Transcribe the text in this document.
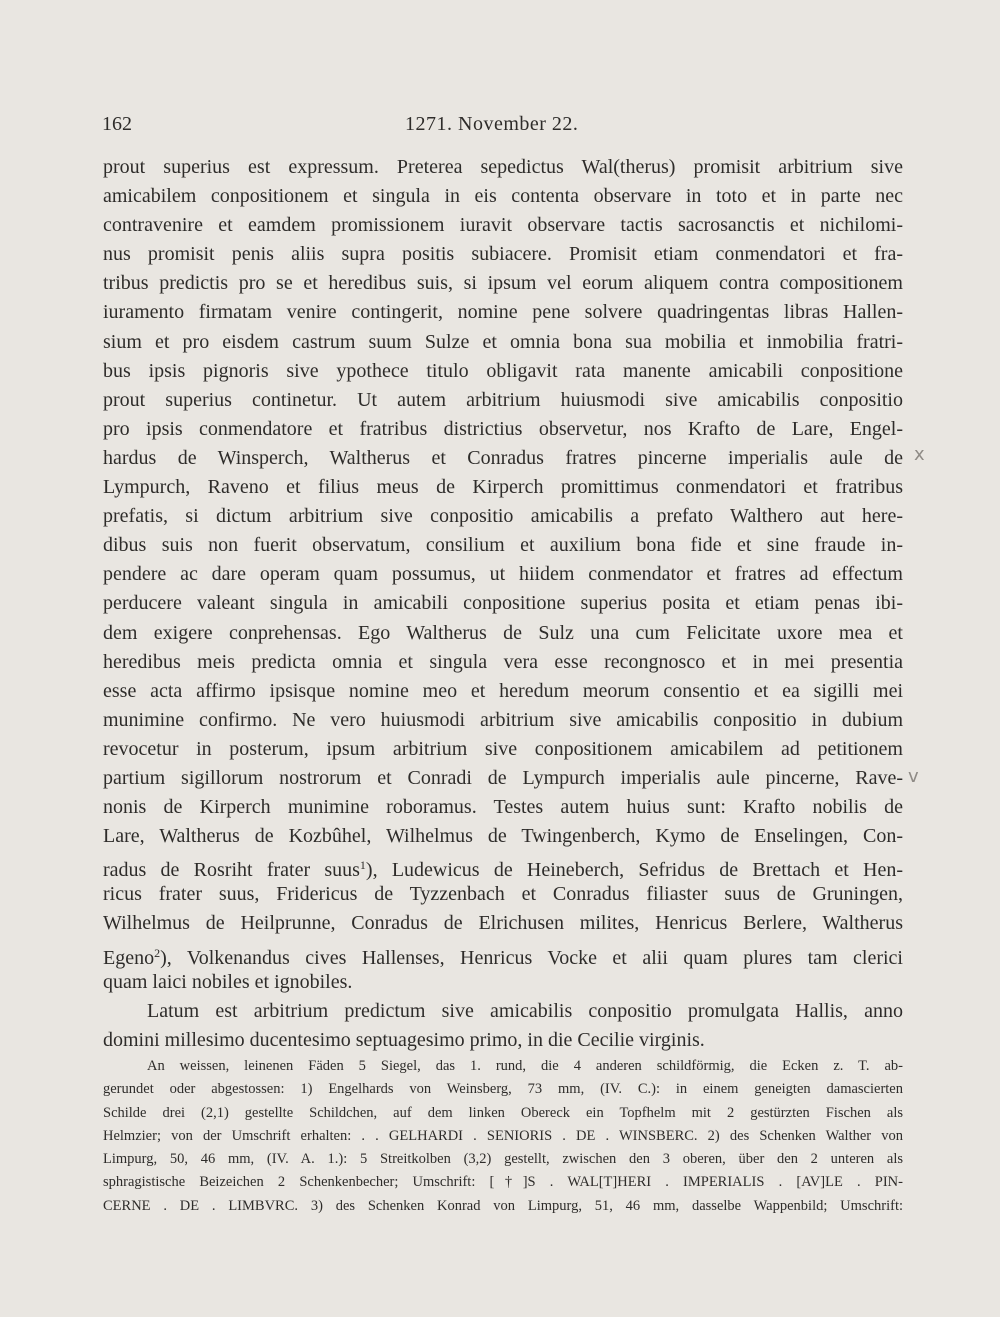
162	1271. November 22.
prout superius est expressum. Preterea sepedictus Wal(therus) promisit arbitrium sive
amicabilem conpositionem et singula in eis contenta observare in toto et in parte nec
contravenire et eamdem promissionem iuravit observare tactis sacrosanctis et nichilomi-
nus promisit penis aliis supra positis subiacere. Promisit etiam conmendatori et fra-
tribus predictis pro se et heredibus suis, si ipsum vel eorum aliquem contra compositionem
iuramento firmatam venire contingerit, nomine pene solvere quadringentas libras Hallen-
sium et pro eisdem castrum suum Sulze et omnia bona sua mobilia et inmobilia fratri-
bus ipsis pignoris sive ypothece titulo obligavit rata manente amicabili conpositione
prout superius continetur. Ut autem arbitrium huiusmodi sive amicabilis conpositio
pro ipsis conmendatore et fratribus districtius observetur, nos Krafto de Lare, Engel-
hardus de Winsperch, Waltherus et Conradus fratres pincerne imperialis aule de
Lympurch, Raveno et filius meus de Kirperch promittimus conmendatori et fratribus
prefatis, si dictum arbitrium sive conpositio amicabilis a prefato Walthero aut here-
dibus suis non fuerit observatum, consilium et auxilium bona fide et sine fraude in-
pendere ac dare operam quam possumus, ut hiidem conmendator et fratres ad effectum
perducere valeant singula in amicabili conpositione superius posita et etiam penas ibi-
dem exigere conprehensas. Ego Waltherus de Sulz una cum Felicitate uxore mea et
heredibus meis predicta omnia et singula vera esse recongnosco et in mei presentia
esse acta affirmo ipsisque nomine meo et heredum meorum consentio et ea sigilli mei
munimine confirmo. Ne vero huiusmodi arbitrium sive amicabilis conpositio in dubium
revocetur in posterum, ipsum arbitrium sive conpositionem amicabilem ad petitionem
partium sigillorum nostrorum et Conradi de Lympurch imperialis aule pincerne, Rave-
nonis de Kirperch munimine roboramus. Testes autem huius sunt: Krafto nobilis de
Lare, Waltherus de Kozbûhel, Wilhelmus de Twingenberch, Kymo de Enselingen, Con-
radus de Rosriht frater suus$^1$), Ludewicus de Heineberch, Sefridus de Brettach et Hen-
ricus frater suus, Fridericus de Tyzzenbach et Conradus filiaster suus de Gruningen,
Wilhelmus de Heilprunne, Conradus de Elrichusen milites, Henricus Berlere, Waltherus
Egeno$^2$), Volkenandus cives Hallenses, Henricus Vocke et alii quam plures tam clerici
quam laici nobiles et ignobiles.
Latum est arbitrium predictum sive amicabilis conpositio promulgata Hallis, anno
domini millesimo ducentesimo septuagesimo primo, in die Cecilie virginis.
An weissen, leinenen Fäden 5 Siegel, das 1. rund, die 4 anderen schildförmig, die Ecken z. T. ab-
gerundet oder abgestossen: 1) Engelhards von Weinsberg, 73 mm, (IV. C.): in einem geneigten damascierten
Schilde drei (2,1) gestellte Schildchen, auf dem linken Obereck ein Topfhelm mit 2 gestürzten Fischen als
Helmzier; von der Umschrift erhalten: . . GELHARDI . SENIORIS . DE . WINSBERC. 2) des Schenken Walther von
Limpurg, 50, 46 mm, (IV. A. 1.): 5 Streitkolben (3,2) gestellt, zwischen den 3 oberen, über den 2 unteren als
sphragistische Beizeichen 2 Schenkenbecher; Umschrift: [†]S . WAL[T]HERI . IMPERIALIS . [AV]LE . PIN-
CERNE . DE . LIMBVRC. 3) des Schenken Konrad von Limpurg, 51, 46 mm, dasselbe Wappenbild; Umschrift:
x
v
